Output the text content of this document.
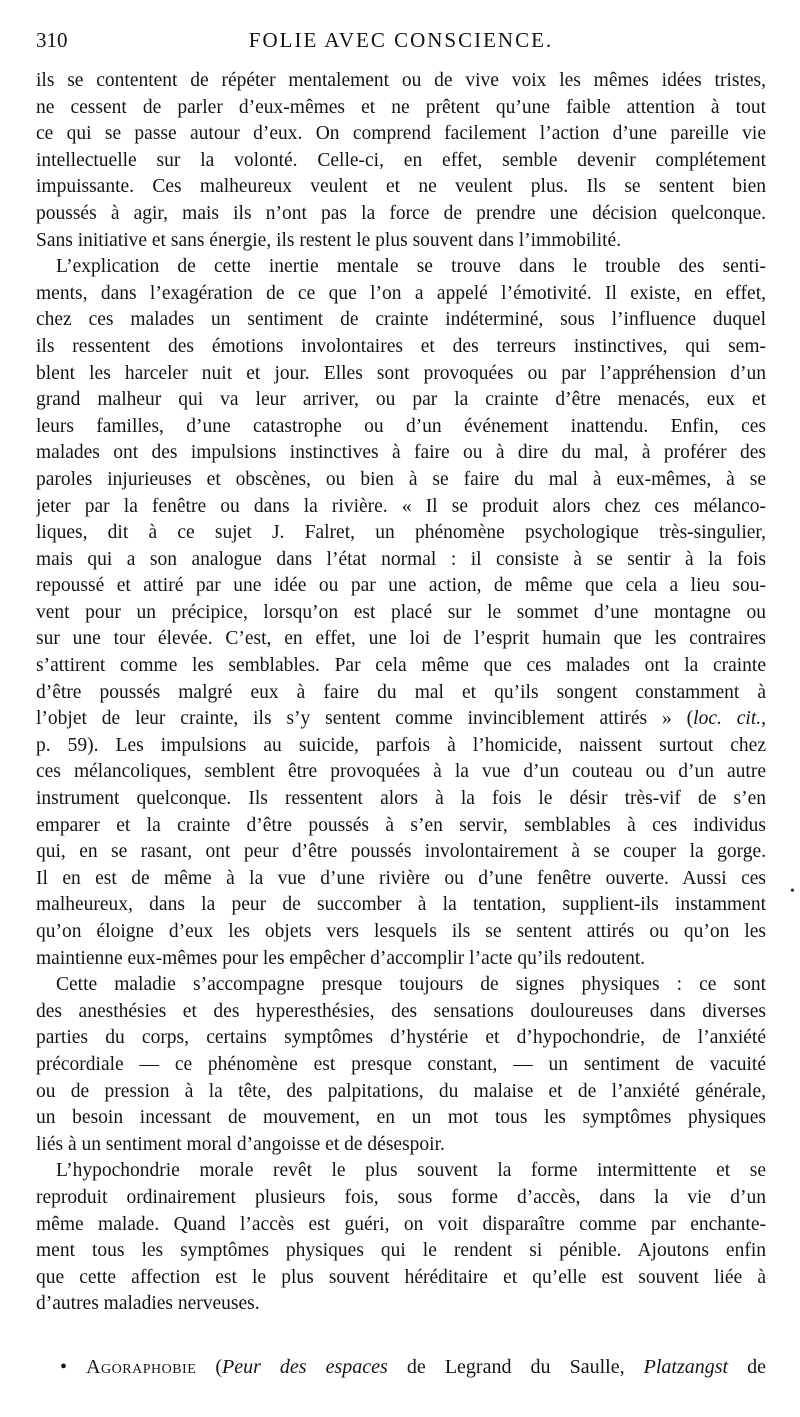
310	FOLIE AVEC CONSCIENCE.
ils se contentent de répéter mentalement ou de vive voix les mêmes idées tristes,
ne cessent de parler d’eux-mêmes et ne prêtent qu’une faible attention à tout
ce qui se passe autour d’eux. On comprend facilement l’action d’une pareille vie
intellectuelle sur la volonté. Celle-ci, en effet, semble devenir complétement
impuissante. Ces malheureux veulent et ne veulent plus. Ils se sentent bien
poussés à agir, mais ils n’ont pas la force de prendre une décision quelconque.
Sans initiative et sans énergie, ils restent le plus souvent dans l’immobilité.
L’explication de cette inertie mentale se trouve dans le trouble des senti-
ments, dans l’exagération de ce que l’on a appelé l’émotivité. Il existe, en effet,
chez ces malades un sentiment de crainte indéterminé, sous l’influence duquel
ils ressentent des émotions involontaires et des terreurs instinctives, qui sem-
blent les harceler nuit et jour. Elles sont provoquées ou par l’appréhension d’un
grand malheur qui va leur arriver, ou par la crainte d’être menacés, eux et
leurs familles, d’une catastrophe ou d’un événement inattendu. Enfin, ces
malades ont des impulsions instinctives à faire ou à dire du mal, à proférer des
paroles injurieuses et obscènes, ou bien à se faire du mal à eux-mêmes, à se
jeter par la fenêtre ou dans la rivière. « Il se produit alors chez ces mélanco-
liques, dit à ce sujet J. Falret, un phénomène psychologique très-singulier,
mais qui a son analogue dans l’état normal : il consiste à se sentir à la fois
repoussé et attiré par une idée ou par une action, de même que cela a lieu sou-
vent pour un précipice, lorsqu’on est placé sur le sommet d’une montagne ou
sur une tour élevée. C’est, en effet, une loi de l’esprit humain que les contraires
s’attirent comme les semblables. Par cela même que ces malades ont la crainte
d’être poussés malgré eux à faire du mal et qu’ils songent constamment à
l’objet de leur crainte, ils s’y sentent comme invinciblement attirés » (loc. cit.,
p. 59). Les impulsions au suicide, parfois à l’homicide, naissent surtout chez
ces mélancoliques, semblent être provoquées à la vue d’un couteau ou d’un autre
instrument quelconque. Ils ressentent alors à la fois le désir très-vif de s’en
emparer et la crainte d’être poussés à s’en servir, semblables à ces individus
qui, en se rasant, ont peur d’être poussés involontairement à se couper la gorge.
Il en est de même à la vue d’une rivière ou d’une fenêtre ouverte. Aussi ces
malheureux, dans la peur de succomber à la tentation, supplient-ils instamment
qu’on éloigne d’eux les objets vers lesquels ils se sentent attirés ou qu’on les
maintienne eux-mêmes pour les empêcher d’accomplir l’acte qu’ils redoutent.
Cette maladie s’accompagne presque toujours de signes physiques : ce sont
des anesthésies et des hyperesthésies, des sensations douloureuses dans diverses
parties du corps, certains symptômes d’hystérie et d’hypochondrie, de l’anxiété
précordiale — ce phénomène est presque constant, — un sentiment de vacuité
ou de pression à la tête, des palpitations, du malaise et de l’anxiété générale,
un besoin incessant de mouvement, en un mot tous les symptômes physiques
liés à un sentiment moral d’angoisse et de désespoir.
L’hypochondrie morale revêt le plus souvent la forme intermittente et se
reproduit ordinairement plusieurs fois, sous forme d’accès, dans la vie d’un
même malade. Quand l’accès est guéri, on voit disparaître comme par enchante-
ment tous les symptômes physiques qui le rendent si pénible. Ajoutons enfin
que cette affection est le plus souvent héréditaire et qu’elle est souvent liée à
d’autres maladies nerveuses.
• Agoraphobie (Peur des espaces de Legrand du Saulle, Platzangst de
•
